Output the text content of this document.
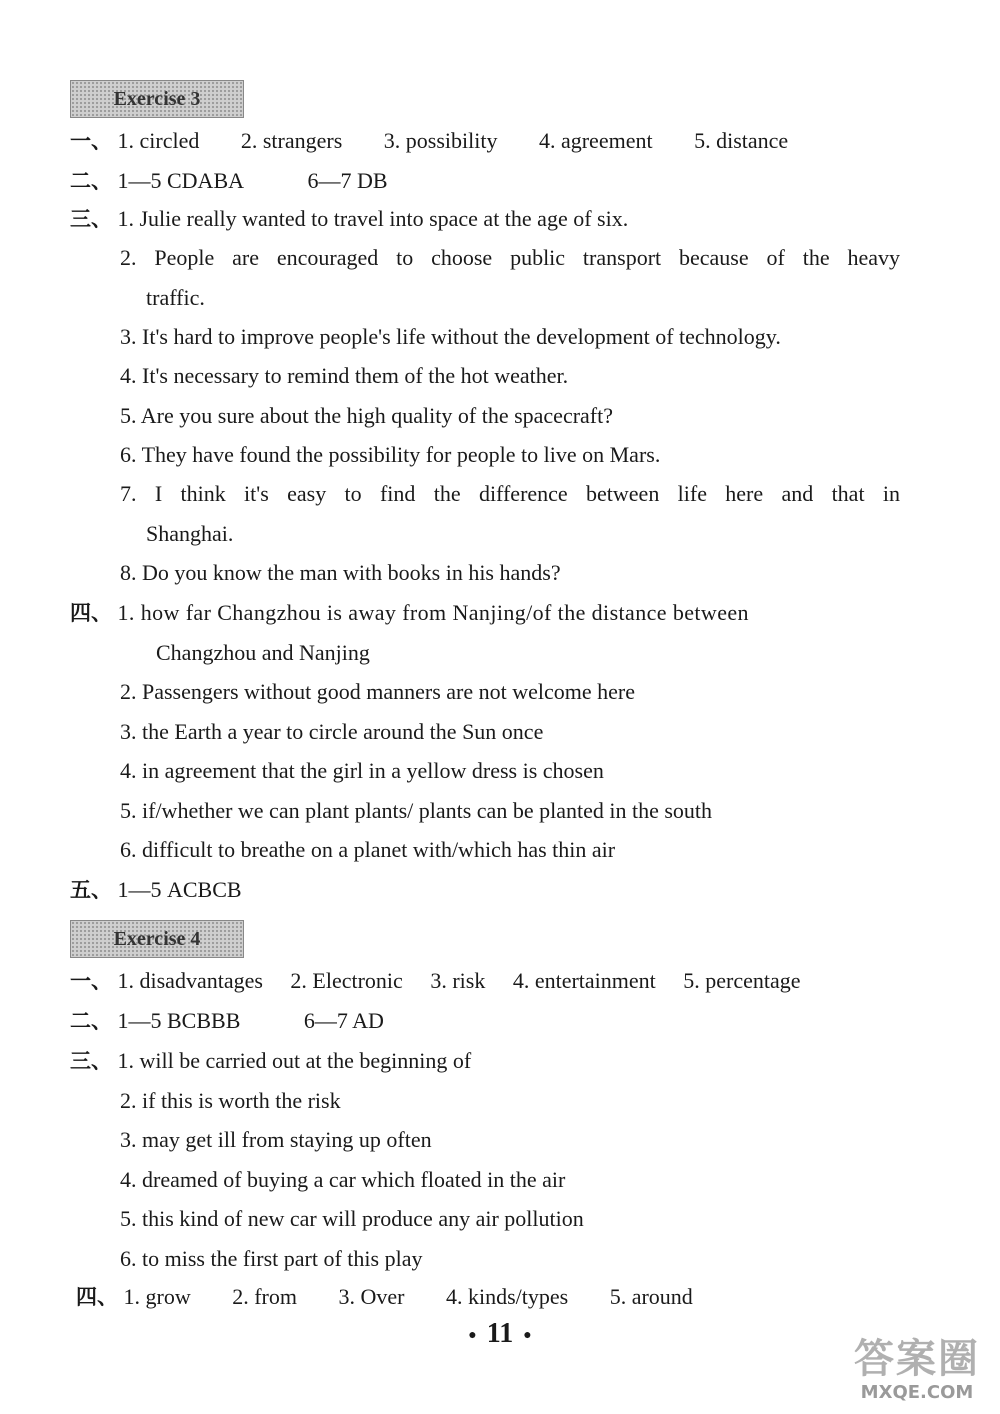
Exercise 3
一、 1. circled 2. strangers 3. possibility 4. agreement 5. distance
二、 1—5 CDABA	6—7 DB
三、 1. Julie really wanted to travel into space at the age of six.
2. People are encouraged to choose public transport because of the heavy
traffic.
3. It's hard to improve people's life without the development of technology.
4. It's necessary to remind them of the hot weather.
5. Are you sure about the high quality of the spacecraft?
6. They have found the possibility for people to live on Mars.
7. I think it's easy to find the difference between life here and that in
Shanghai.
8. Do you know the man with books in his hands?
四、 1. how far Changzhou is away from Nanjing/of the distance between
Changzhou and Nanjing
2. Passengers without good manners are not welcome here
3. the Earth a year to circle around the Sun once
4. in agreement that the girl in a yellow dress is chosen
5. if/whether we can plant plants/ plants can be planted in the south
6. difficult to breathe on a planet with/which has thin air
五、 1—5 ACBCB
Exercise 4
一、 1. disadvantages 2. Electronic 3. risk 4. entertainment 5. percentage
二、 1—5 BCBBB	6—7 AD
三、 1. will be carried out at the beginning of
2. if this is worth the risk
3. may get ill from staying up often
4. dreamed of buying a car which floated in the air
5. this kind of new car will produce any air pollution
6. to miss the first part of this play
四、 1. grow 2. from 3. Over 4. kinds/types 5. around
● 11 ●
答案圈
MXQE.COM
